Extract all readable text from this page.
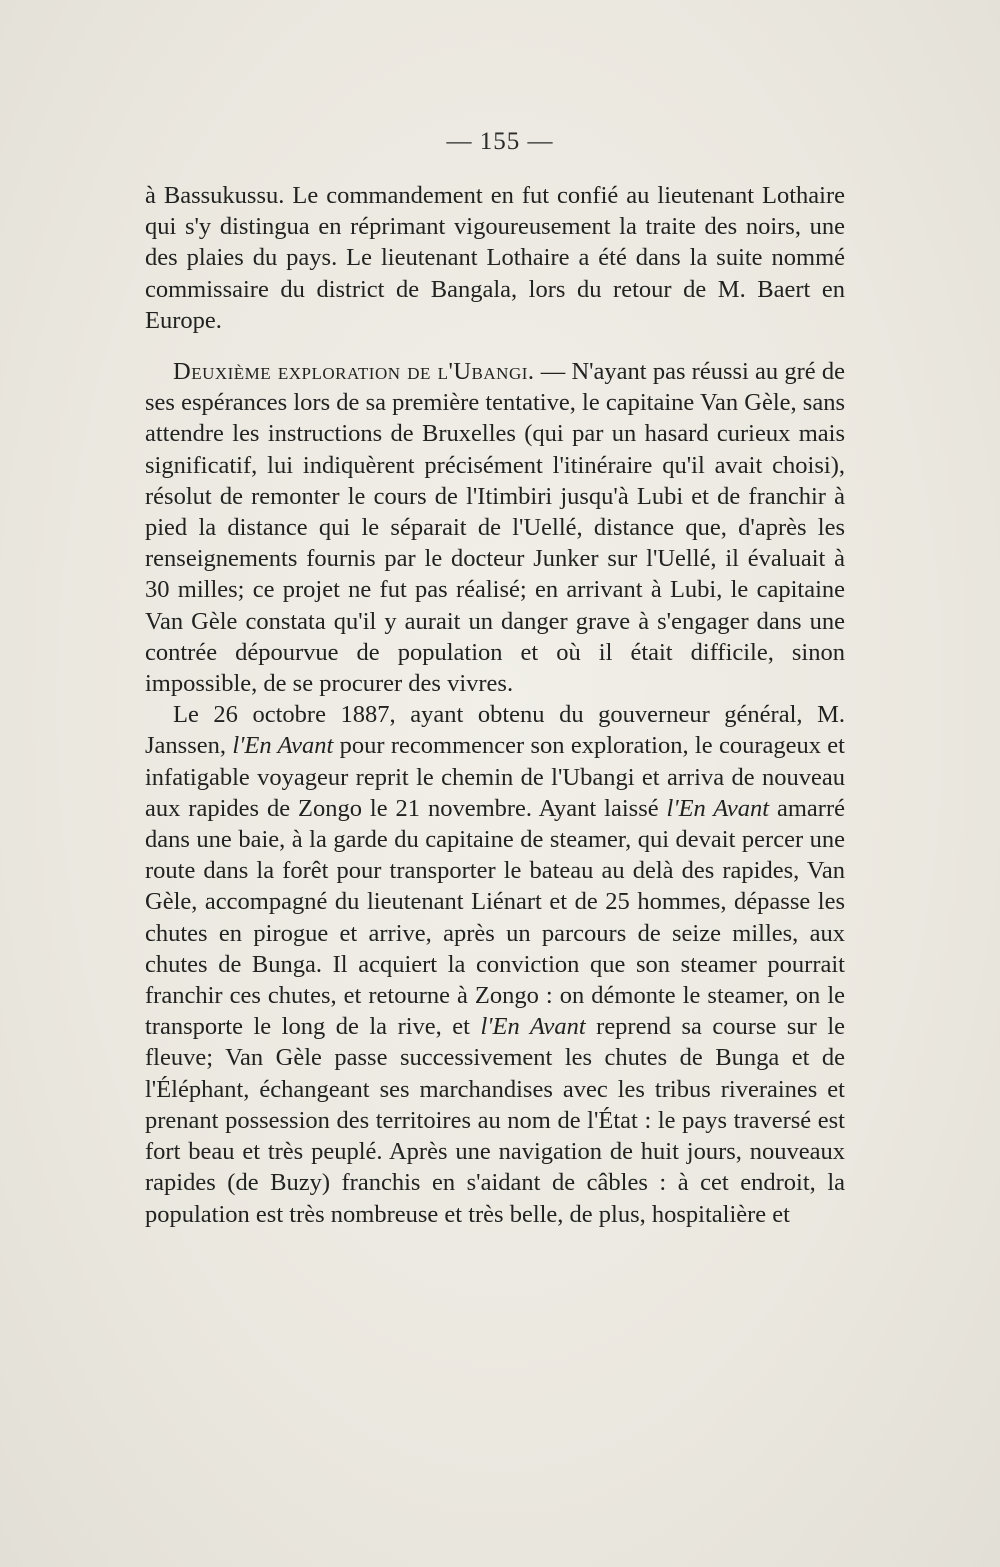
— 155 —

à Bassukussu. Le commandement en fut confié au lieutenant Lothaire qui s'y distingua en réprimant vigoureusement la traite des noirs, une des plaies du pays. Le lieutenant Lothaire a été dans la suite nommé commissaire du district de Bangala, lors du retour de M. Baert en Europe.

Deuxième exploration de l'Ubangi. — N'ayant pas réussi au gré de ses espérances lors de sa première tentative, le capitaine Van Gèle, sans attendre les instructions de Bruxelles (qui par un hasard curieux mais significatif, lui indiquèrent précisément l'itinéraire qu'il avait choisi), résolut de remonter le cours de l'Itimbiri jusqu'à Lubi et de franchir à pied la distance qui le séparait de l'Uellé, distance que, d'après les renseignements fournis par le docteur Junker sur l'Uellé, il évaluait à 30 milles; ce projet ne fut pas réalisé; en arrivant à Lubi, le capitaine Van Gèle constata qu'il y aurait un danger grave à s'engager dans une contrée dépourvue de population et où il était difficile, sinon impossible, de se procurer des vivres.

Le 26 octobre 1887, ayant obtenu du gouverneur général, M. Janssen, l'En Avant pour recommencer son exploration, le courageux et infatigable voyageur reprit le chemin de l'Ubangi et arriva de nouveau aux rapides de Zongo le 21 novembre. Ayant laissé l'En Avant amarré dans une baie, à la garde du capitaine de steamer, qui devait percer une route dans la forêt pour transporter le bateau au delà des rapides, Van Gèle, accompagné du lieutenant Liénart et de 25 hommes, dépasse les chutes en pirogue et arrive, après un parcours de seize milles, aux chutes de Bunga. Il acquiert la conviction que son steamer pourrait franchir ces chutes, et retourne à Zongo : on démonte le steamer, on le transporte le long de la rive, et l'En Avant reprend sa course sur le fleuve; Van Gèle passe successivement les chutes de Bunga et de l'Éléphant, échangeant ses marchandises avec les tribus riveraines et prenant possession des territoires au nom de l'État : le pays traversé est fort beau et très peuplé. Après une navigation de huit jours, nouveaux rapides (de Buzy) franchis en s'aidant de câbles : à cet endroit, la population est très nombreuse et très belle, de plus, hospitalière et
